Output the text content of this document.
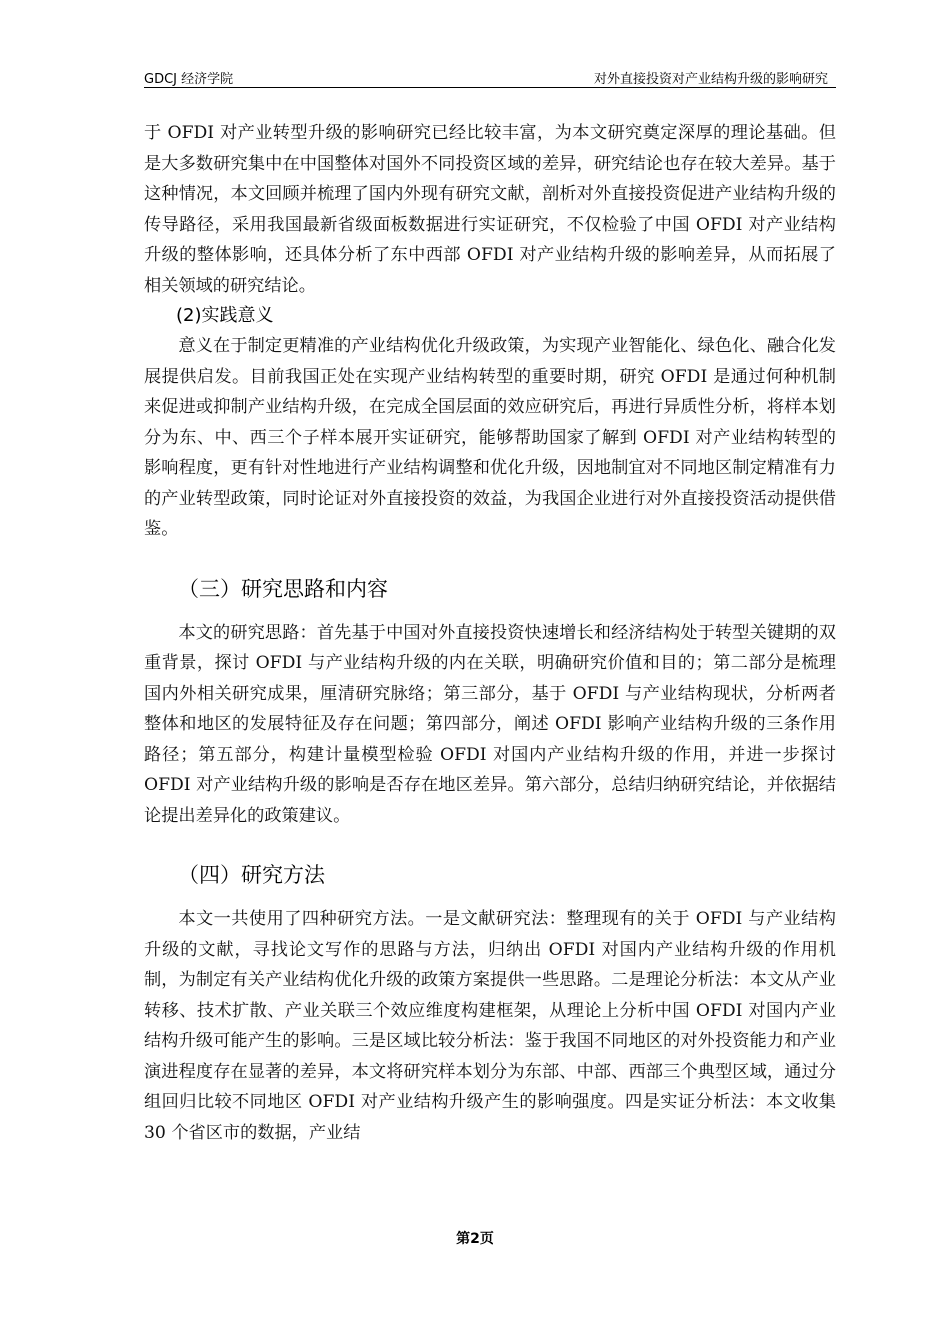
GDCJ 经济学院	对外直接投资对产业结构升级的影响研究

于 OFDI 对产业转型升级的影响研究已经比较丰富，为本文研究奠定深厚的理论基础。但是大多数研究集中在中国整体对国外不同投资区域的差异，研究结论也存在较大差异。基于这种情况，本文回顾并梳理了国内外现有研究文献，剖析对外直接投资促进产业结构升级的传导路径，采用我国最新省级面板数据进行实证研究，不仅检验了中国 OFDI 对产业结构升级的整体影响，还具体分析了东中西部 OFDI 对产业结构升级的影响差异，从而拓展了相关领域的研究结论。

(2)实践意义

意义在于制定更精准的产业结构优化升级政策，为实现产业智能化、绿色化、融合化发展提供启发。目前我国正处在实现产业结构转型的重要时期，研究 OFDI 是通过何种机制来促进或抑制产业结构升级，在完成全国层面的效应研究后，再进行异质性分析，将样本划分为东、中、西三个子样本展开实证研究，能够帮助国家了解到 OFDI 对产业结构转型的影响程度，更有针对性地进行产业结构调整和优化升级，因地制宜对不同地区制定精准有力的产业转型政策，同时论证对外直接投资的效益，为我国企业进行对外直接投资活动提供借鉴。

（三）研究思路和内容

本文的研究思路：首先基于中国对外直接投资快速增长和经济结构处于转型关键期的双重背景，探讨 OFDI 与产业结构升级的内在关联，明确研究价值和目的；第二部分是梳理国内外相关研究成果，厘清研究脉络；第三部分，基于 OFDI 与产业结构现状，分析两者整体和地区的发展特征及存在问题；第四部分，阐述 OFDI 影响产业结构升级的三条作用路径；第五部分，构建计量模型检验 OFDI 对国内产业结构升级的作用，并进一步探讨 OFDI 对产业结构升级的影响是否存在地区差异。第六部分，总结归纳研究结论，并依据结论提出差异化的政策建议。

（四）研究方法

本文一共使用了四种研究方法。一是文献研究法：整理现有的关于 OFDI 与产业结构升级的文献，寻找论文写作的思路与方法，归纳出 OFDI 对国内产业结构升级的作用机制，为制定有关产业结构优化升级的政策方案提供一些思路。二是理论分析法：本文从产业转移、技术扩散、产业关联三个效应维度构建框架，从理论上分析中国 OFDI 对国内产业结构升级可能产生的影响。三是区域比较分析法：鉴于我国不同地区的对外投资能力和产业演进程度存在显著的差异，本文将研究样本划分为东部、中部、西部三个典型区域，通过分组回归比较不同地区 OFDI 对产业结构升级产生的影响强度。四是实证分析法：本文收集 30 个省区市的数据，产业结

第2页
